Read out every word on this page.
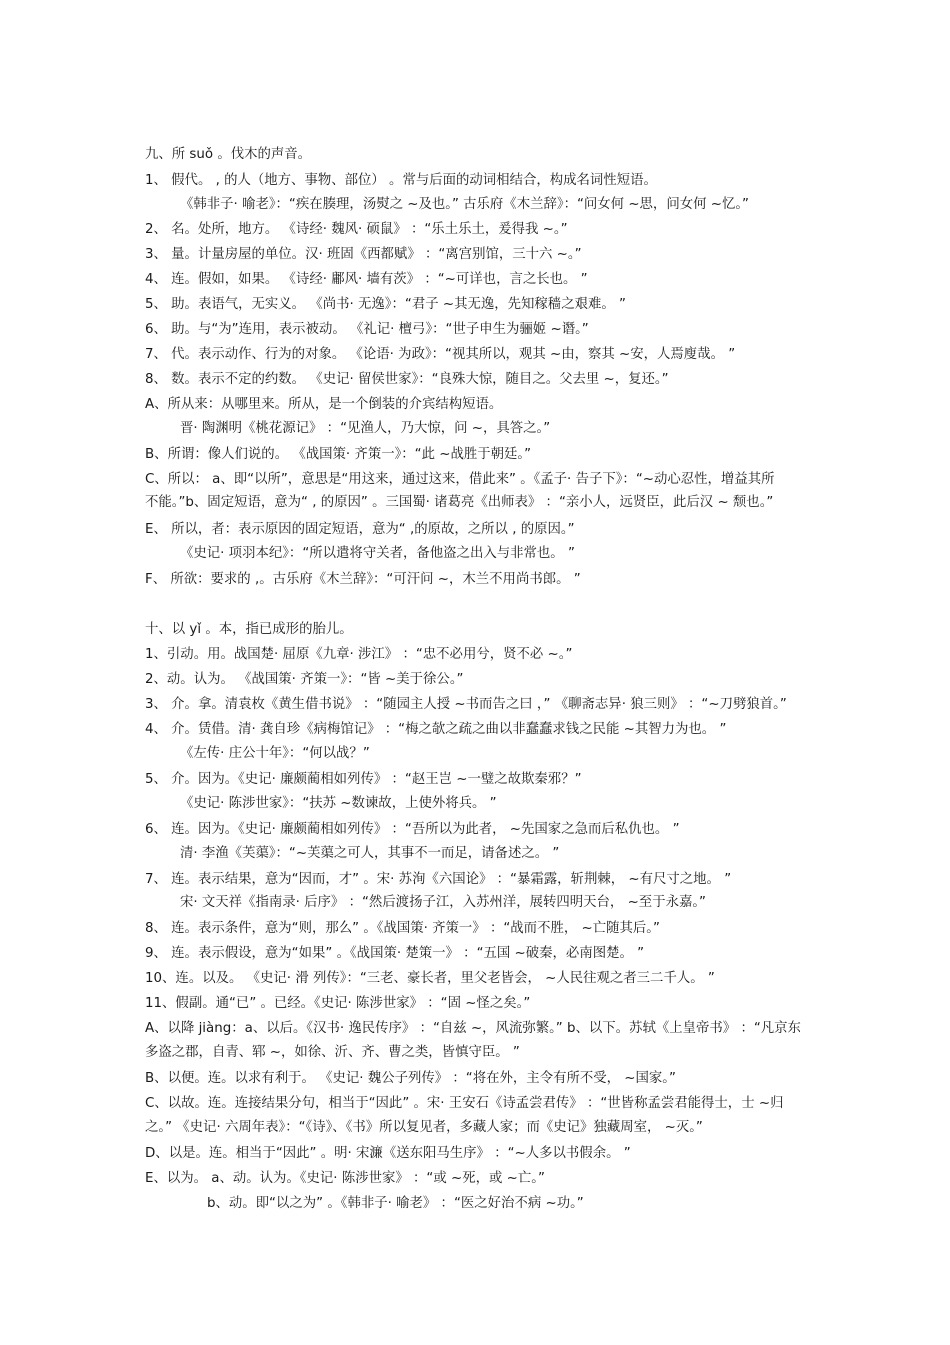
九、所 suǒ 。伐木的声音。
1、 假代。 , 的人（地方、事物、部位） 。常与后面的动词相结合，构成名词性短语。
《韩非子· 喻老》：“疾在腠理，汤熨之 ~及也。” 古乐府《木兰辞》：“问女何 ~思，问女何 ~忆。”
2、 名。处所，地方。 《诗经· 魏风· 硕鼠》 ：“乐土乐土，爰得我 ~。”
3、 量。计量房屋的单位。汉· 班固《西都赋》 ：“离宫别馆，三十六 ~。”
4、 连。假如，如果。 《诗经· 鄘风· 墙有茨》 ：“~可详也，言之长也。 ”
5、 助。表语气，无实义。 《尚书· 无逸》：“君子 ~其无逸，先知稼穑之艰难。 ”
6、 助。与“为”连用，表示被动。 《礼记· 檀弓》：“世子申生为骊姬 ~谮。”
7、 代。表示动作、行为的对象。 《论语· 为政》：“视其所以，观其 ~由，察其 ~安，人焉廋哉。 ”
8、 数。表示不定的约数。 《史记· 留侯世家》：“良殊大惊，随目之。父去里 ~，复还。”
A、所从来：从哪里来。所从，是一个倒装的介宾结构短语。
晋· 陶渊明《桃花源记》 ：“见渔人，乃大惊，问 ~，具答之。”
B、所谓：像人们说的。 《战国策· 齐策一》：“此 ~战胜于朝廷。”
C、所以： a、即“以所”，意思是“用这来，通过这来，借此来” 。《孟子· 告子下》：“~动心忍性，增益其所
不能。”b、固定短语，意为“ , 的原因” 。三国蜀· 诸葛亮《出师表》 ：“亲小人，远贤臣，此后汉 ~ 颓也。”
E、 所以，者：表示原因的固定短语，意为“ ,的原故，之所以 , 的原因。”
《史记· 项羽本纪》：“所以遣将守关者，备他盗之出入与非常也。 ”
F、 所欲：要求的 ,。古乐府《木兰辞》：“可汗问 ~，木兰不用尚书郎。 ”
十、以 yǐ 。本，指已成形的胎儿。
1、引动。用。战国楚· 屈原《九章· 涉江》 ：“忠不必用兮，贤不必 ~。”
2、动。认为。 《战国策· 齐策一》：“皆 ~美于徐公。”
3、 介。拿。清袁枚《黄生借书说》 ：“随园主人授 ~书而告之曰 ，” 《聊斋志异· 狼三则》 ：“~刀劈狼首。”
4、 介。赁借。清· 龚自珍《病梅馆记》 ：“梅之欹之疏之曲以非蠢蠢求钱之民能 ~其智力为也。 ”
《左传· 庄公十年》：“何以战？”
5、 介。因为。《史记· 廉颇蔺相如列传》 ：“赵王岂 ~一璧之故欺秦邪？”
《史记· 陈涉世家》：“扶苏 ~数谏故，上使外将兵。 ”
6、 连。因为。《史记· 廉颇蔺相如列传》 ：“吾所以为此者， ~先国家之急而后私仇也。 ”
清· 李渔《芙蕖》：“~芙蕖之可人，其事不一而足，请备述之。 ”
7、 连。表示结果，意为“因而，才” 。宋· 苏洵《六国论》 ：“暴霜露，斩荆棘， ~有尺寸之地。 ”
宋· 文天祥《指南录· 后序》 ：“然后渡扬子江，入苏州洋，展转四明天台， ~至于永嘉。”
8、 连。表示条件，意为“则，那么” 。《战国策· 齐策一》 ：“战而不胜， ~亡随其后。”
9、 连。表示假设，意为“如果” 。《战国策· 楚策一》 ：“五国 ~破秦，必南图楚。 ”
10、连。以及。 《史记· 滑 列传》：“三老、豪长者，里父老皆会， ~人民往观之者三二千人。 ”
11、假副。通“已” 。已经。《史记· 陈涉世家》 ：“固 ~怪之矣。”
A、以降 jiàng：a、以后。《汉书· 逸民传序》 ：“自兹 ~，风流弥繁。” b、以下。苏轼《上皇帝书》 ：“凡京东
多盗之郡，自青、郓 ~，如徐、沂、齐、曹之类，皆慎守臣。 ”
B、以便。连。以求有利于。 《史记· 魏公子列传》 ：“将在外，主令有所不受， ~国家。”
C、以故。连。连接结果分句，相当于“因此” 。宋· 王安石《诗孟尝君传》 ：“世皆称孟尝君能得士，士 ~归
之。” 《史记· 六周年表》：“《诗》、《书》所以复见者，多藏人家；而《史记》独藏周室， ~灭。”
D、以是。连。相当于“因此” 。明· 宋濂《送东阳马生序》 ：“~人多以书假余。 ”
E、以为。 a、动。认为。《史记· 陈涉世家》 ：“或 ~死，或 ~亡。”
b、动。即“以之为” 。《韩非子· 喻老》 ：“医之好治不病 ~功。”
